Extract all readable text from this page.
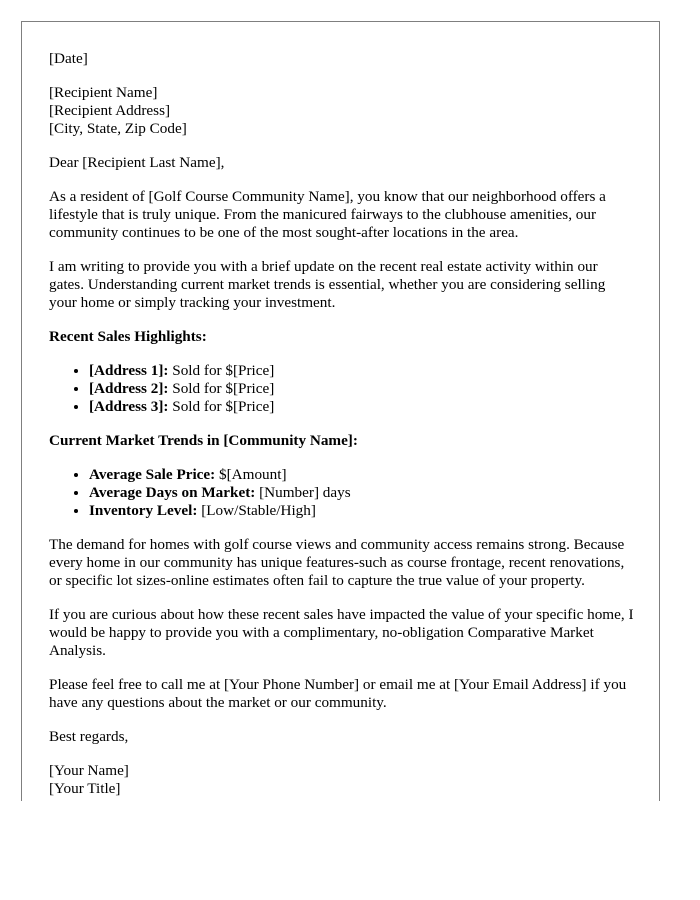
[Date]

[Recipient Name]
[Recipient Address]
[City, State, Zip Code]

Dear [Recipient Last Name],

As a resident of [Golf Course Community Name], you know that our neighborhood offers a lifestyle that is truly unique. From the manicured fairways to the clubhouse amenities, our community continues to be one of the most sought-after locations in the area.

I am writing to provide you with a brief update on the recent real estate activity within our gates. Understanding current market trends is essential, whether you are considering selling your home or simply tracking your investment.

Recent Sales Highlights:
• [Address 1]: Sold for $[Price]
• [Address 2]: Sold for $[Price]
• [Address 3]: Sold for $[Price]
Current Market Trends in [Community Name]:
• Average Sale Price: $[Amount]
• Average Days on Market: [Number] days
• Inventory Level: [Low/Stable/High]

The demand for homes with golf course views and community access remains strong. Because every home in our community has unique features-such as course frontage, recent renovations, or specific lot sizes-online estimates often fail to capture the true value of your property.

If you are curious about how these recent sales have impacted the value of your specific home, I would be happy to provide you with a complimentary, no-obligation Comparative Market Analysis.

Please feel free to call me at [Your Phone Number] or email me at [Your Email Address] if you have any questions about the market or our community.

Best regards,

[Your Name]
[Your Title]
